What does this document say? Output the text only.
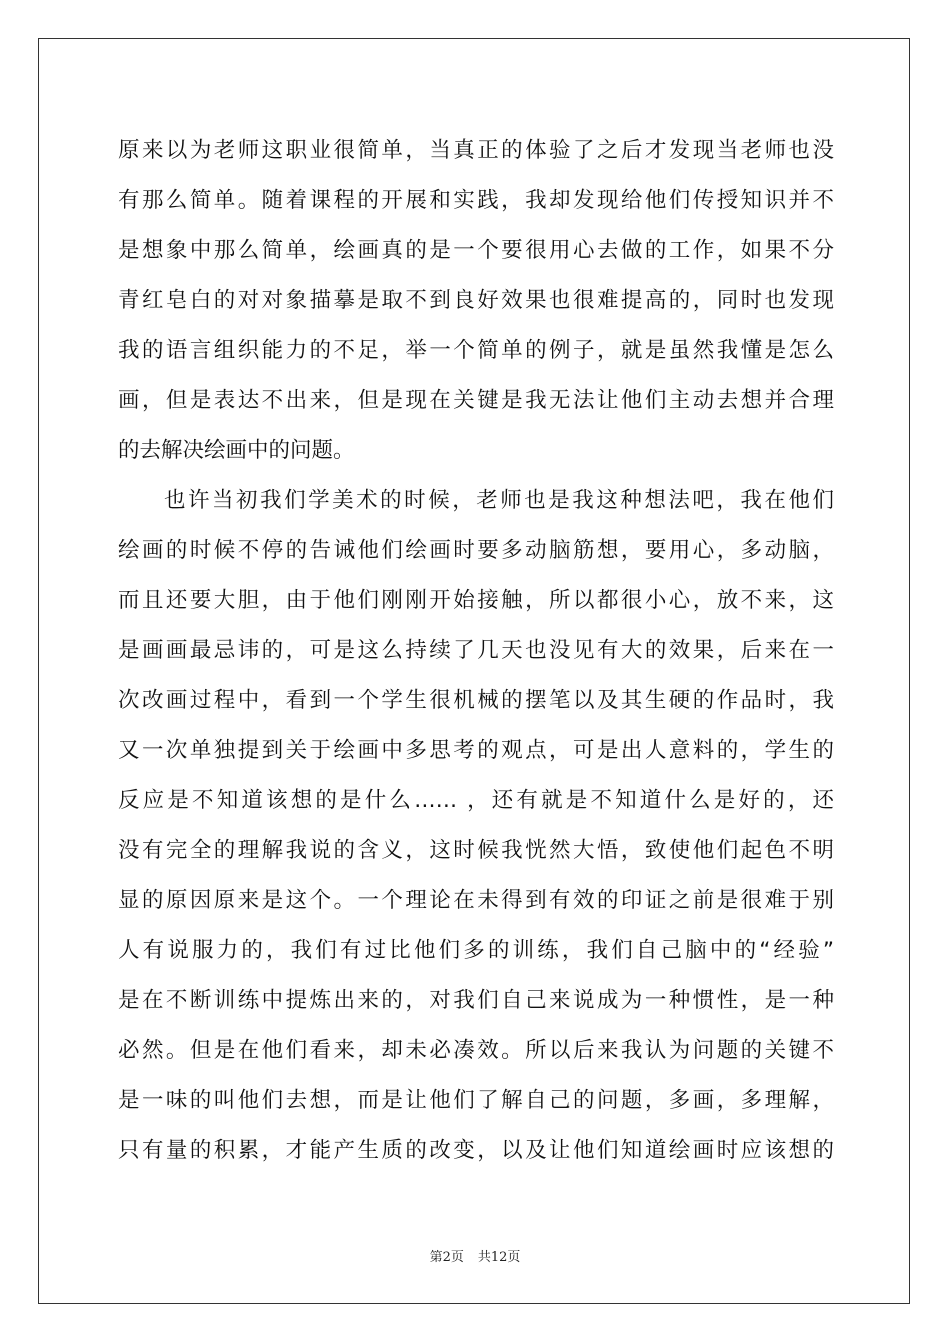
原来以为老师这职业很简单，当真正的体验了之后才发现当老师也没
有那么简单。随着课程的开展和实践，我却发现给他们传授知识并不
是想象中那么简单，绘画真的是一个要很用心去做的工作，如果不分
青红皂白的对对象描摹是取不到良好效果也很难提高的，同时也发现
我的语言组织能力的不足，举一个简单的例子，就是虽然我懂是怎么
画，但是表达不出来，但是现在关键是我无法让他们主动去想并合理
的去解决绘画中的问题。
也许当初我们学美术的时候，老师也是我这种想法吧，我在他们
绘画的时候不停的告诫他们绘画时要多动脑筋想，要用心，多动脑，
而且还要大胆，由于他们刚刚开始接触，所以都很小心，放不来，这
是画画最忌讳的，可是这么持续了几天也没见有大的效果，后来在一
次改画过程中，看到一个学生很机械的摆笔以及其生硬的作品时，我
又一次单独提到关于绘画中多思考的观点，可是出人意料的，学生的
反应是不知道该想的是什么…… ，还有就是不知道什么是好的，还
没有完全的理解我说的含义，这时候我恍然大悟，致使他们起色不明
显的原因原来是这个。一个理论在未得到有效的印证之前是很难于别
人有说服力的，我们有过比他们多的训练，我们自己脑中的“经验”
是在不断训练中提炼出来的，对我们自己来说成为一种惯性，是一种
必然。但是在他们看来，却未必凑效。所以后来我认为问题的关键不
是一味的叫他们去想，而是让他们了解自己的问题，多画，多理解，
只有量的积累，才能产生质的改变，以及让他们知道绘画时应该想的
第2页 共12页
